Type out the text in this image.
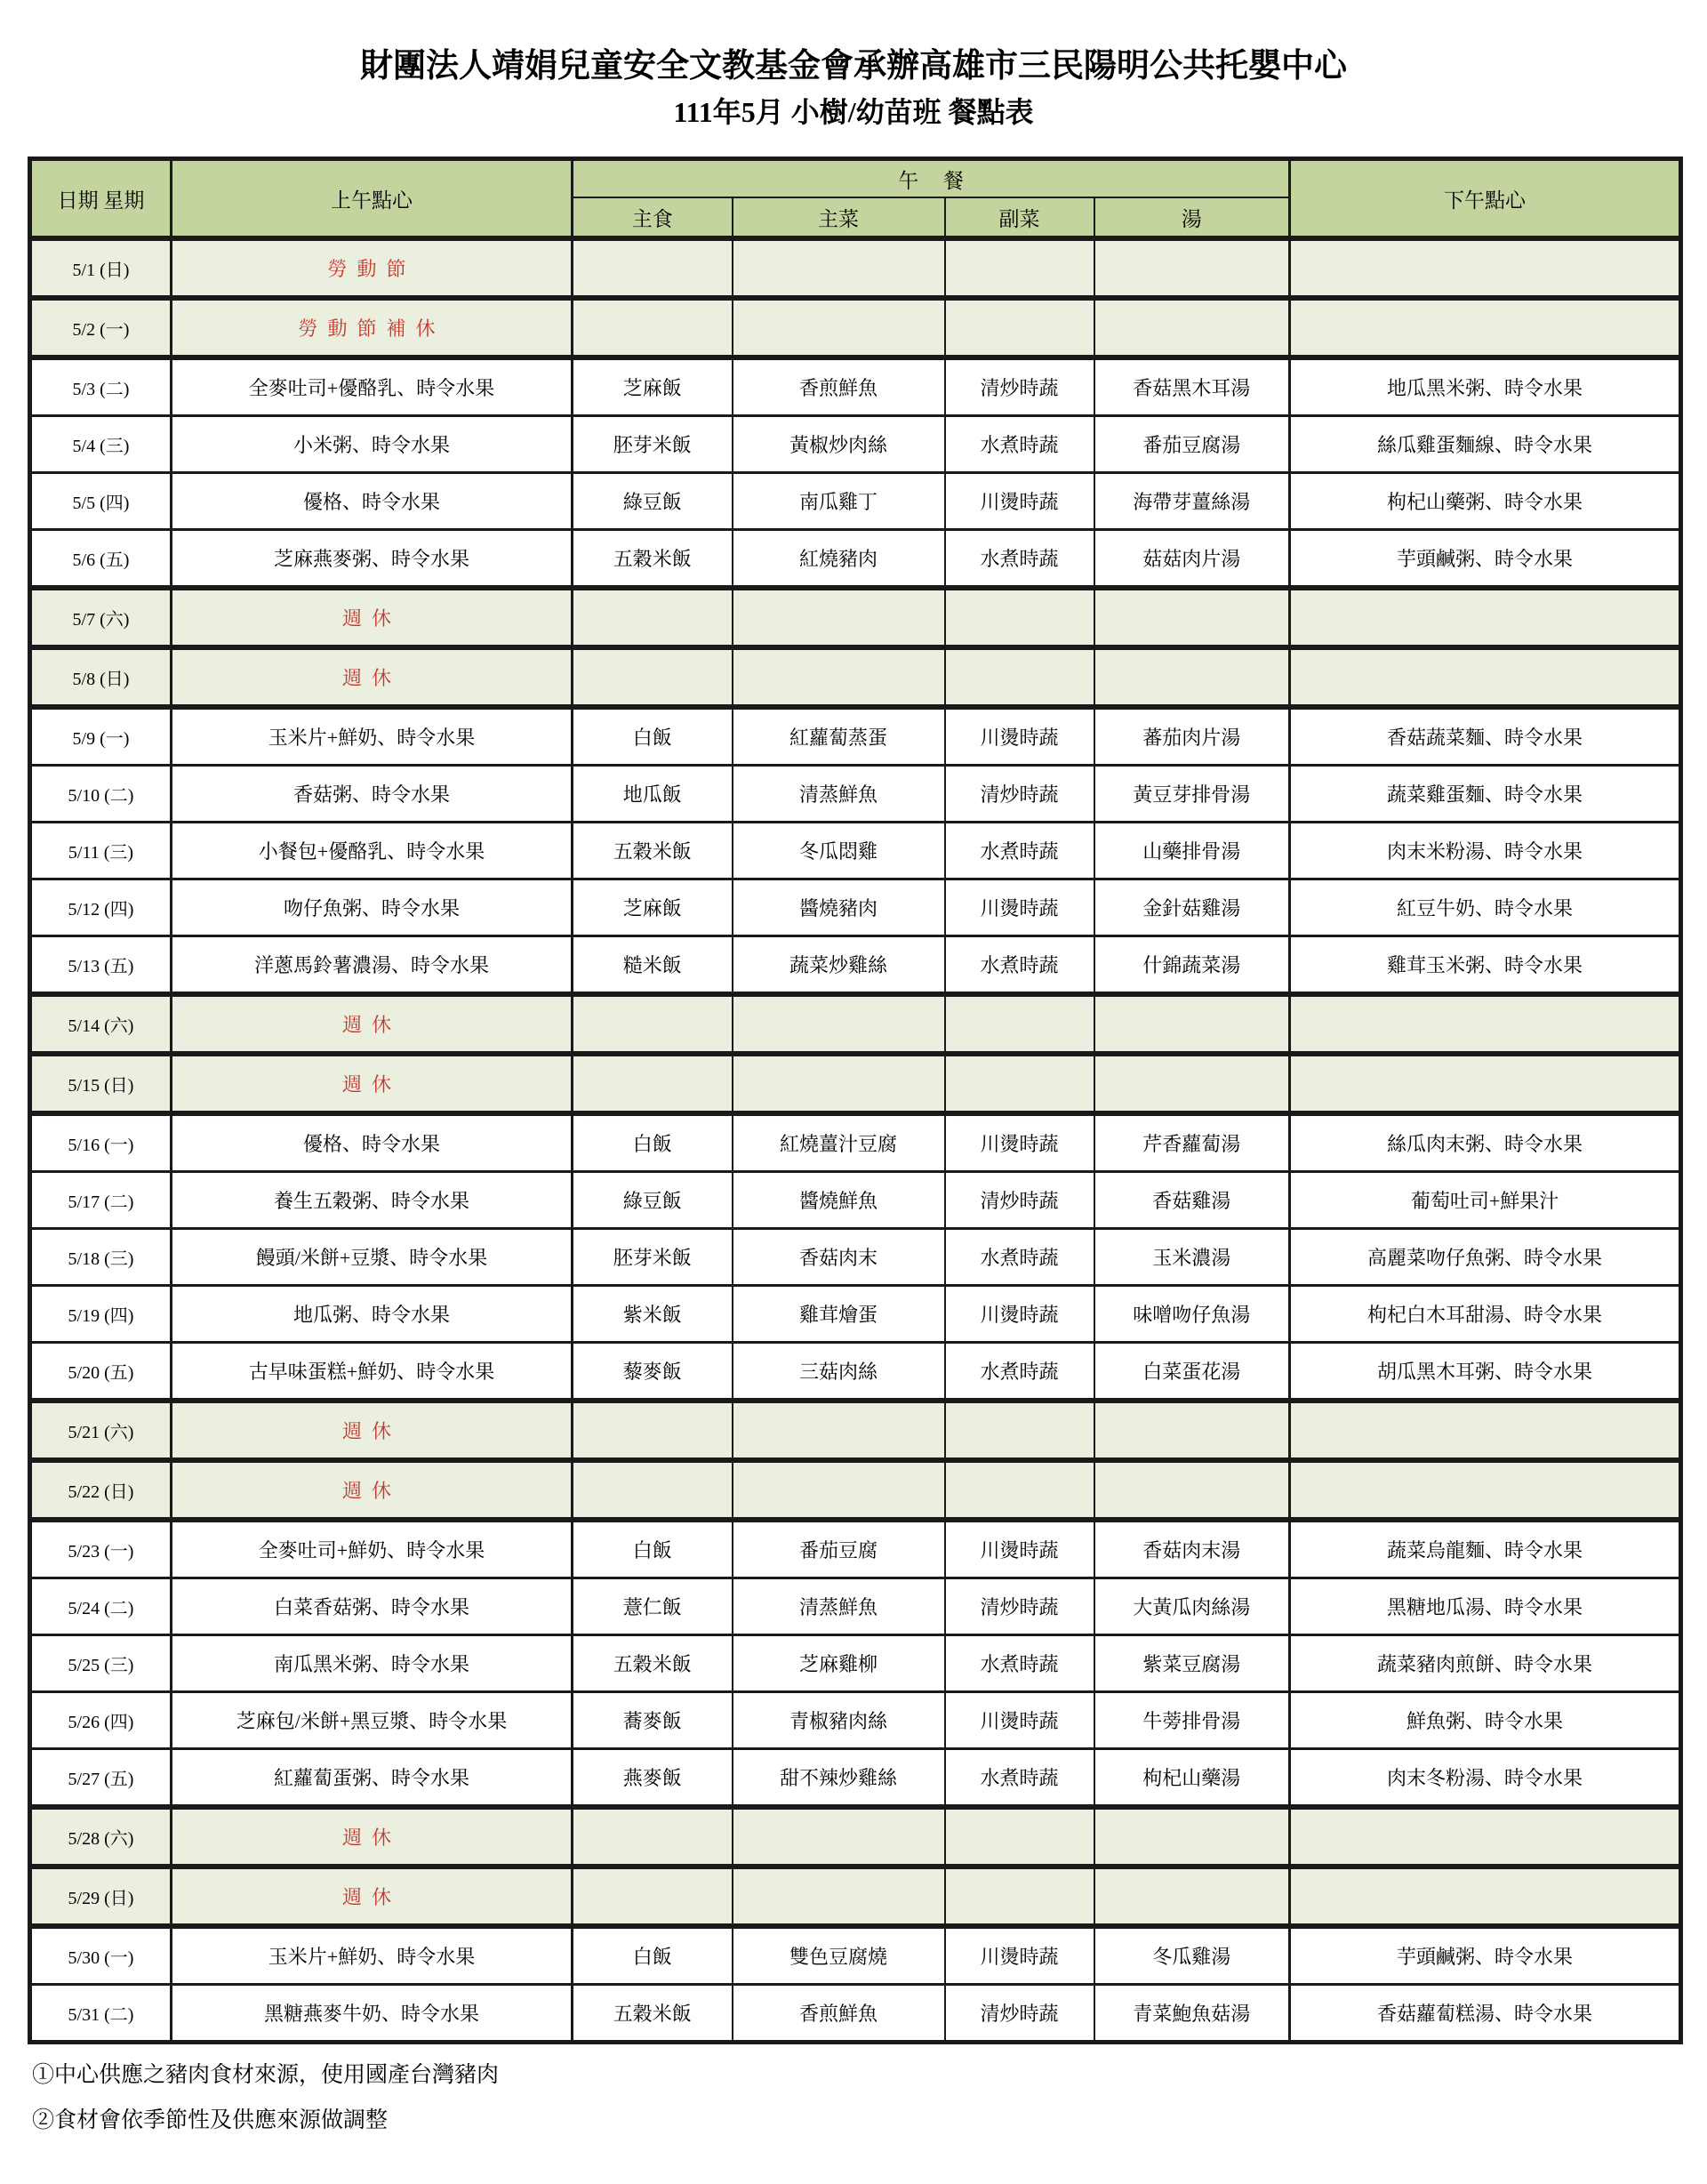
財團法人靖娟兒童安全文教基金會承辦高雄市三民陽明公共托嬰中心
111年5月 小樹/幼苗班 餐點表
日期 星期	上午點心	午餐				下午點心
		主食	主菜	副菜	湯	
5/1 (日)	勞動節					
5/2 (一)	勞動節補休					
5/3 (二)	全麥吐司+優酪乳、時令水果	芝麻飯	香煎鮮魚	清炒時蔬	香菇黑木耳湯	地瓜黑米粥、時令水果
5/4 (三)	小米粥、時令水果	胚芽米飯	黃椒炒肉絲	水煮時蔬	番茄豆腐湯	絲瓜雞蛋麵線、時令水果
5/5 (四)	優格、時令水果	綠豆飯	南瓜雞丁	川燙時蔬	海帶芽薑絲湯	枸杞山藥粥、時令水果
5/6 (五)	芝麻燕麥粥、時令水果	五穀米飯	紅燒豬肉	水煮時蔬	菇菇肉片湯	芋頭鹹粥、時令水果
5/7 (六)	週休					
5/8 (日)	週休					
5/9 (一)	玉米片+鮮奶、時令水果	白飯	紅蘿蔔蒸蛋	川燙時蔬	蕃茄肉片湯	香菇蔬菜麵、時令水果
5/10 (二)	香菇粥、時令水果	地瓜飯	清蒸鮮魚	清炒時蔬	黃豆芽排骨湯	蔬菜雞蛋麵、時令水果
5/11 (三)	小餐包+優酪乳、時令水果	五穀米飯	冬瓜悶雞	水煮時蔬	山藥排骨湯	肉末米粉湯、時令水果
5/12 (四)	吻仔魚粥、時令水果	芝麻飯	醬燒豬肉	川燙時蔬	金針菇雞湯	紅豆牛奶、時令水果
5/13 (五)	洋蔥馬鈴薯濃湯、時令水果	糙米飯	蔬菜炒雞絲	水煮時蔬	什錦蔬菜湯	雞茸玉米粥、時令水果
5/14 (六)	週休					
5/15 (日)	週休					
5/16 (一)	優格、時令水果	白飯	紅燒薑汁豆腐	川燙時蔬	芹香蘿蔔湯	絲瓜肉末粥、時令水果
5/17 (二)	養生五穀粥、時令水果	綠豆飯	醬燒鮮魚	清炒時蔬	香菇雞湯	葡萄吐司+鮮果汁
5/18 (三)	饅頭/米餅+豆漿、時令水果	胚芽米飯	香菇肉末	水煮時蔬	玉米濃湯	高麗菜吻仔魚粥、時令水果
5/19 (四)	地瓜粥、時令水果	紫米飯	雞茸燴蛋	川燙時蔬	味噌吻仔魚湯	枸杞白木耳甜湯、時令水果
5/20 (五)	古早味蛋糕+鮮奶、時令水果	藜麥飯	三菇肉絲	水煮時蔬	白菜蛋花湯	胡瓜黑木耳粥、時令水果
5/21 (六)	週休					
5/22 (日)	週休					
5/23 (一)	全麥吐司+鮮奶、時令水果	白飯	番茄豆腐	川燙時蔬	香菇肉末湯	蔬菜烏龍麵、時令水果
5/24 (二)	白菜香菇粥、時令水果	薏仁飯	清蒸鮮魚	清炒時蔬	大黃瓜肉絲湯	黑糖地瓜湯、時令水果
5/25 (三)	南瓜黑米粥、時令水果	五穀米飯	芝麻雞柳	水煮時蔬	紫菜豆腐湯	蔬菜豬肉煎餅、時令水果
5/26 (四)	芝麻包/米餅+黑豆漿、時令水果	蕎麥飯	青椒豬肉絲	川燙時蔬	牛蒡排骨湯	鮮魚粥、時令水果
5/27 (五)	紅蘿蔔蛋粥、時令水果	燕麥飯	甜不辣炒雞絲	水煮時蔬	枸杞山藥湯	肉末冬粉湯、時令水果
5/28 (六)	週休					
5/29 (日)	週休					
5/30 (一)	玉米片+鮮奶、時令水果	白飯	雙色豆腐燒	川燙時蔬	冬瓜雞湯	芋頭鹹粥、時令水果
5/31 (二)	黑糖燕麥牛奶、時令水果	五穀米飯	香煎鮮魚	清炒時蔬	青菜鮑魚菇湯	香菇蘿蔔糕湯、時令水果
①中心供應之豬肉食材來源，使用國產台灣豬肉
②食材會依季節性及供應來源做調整
